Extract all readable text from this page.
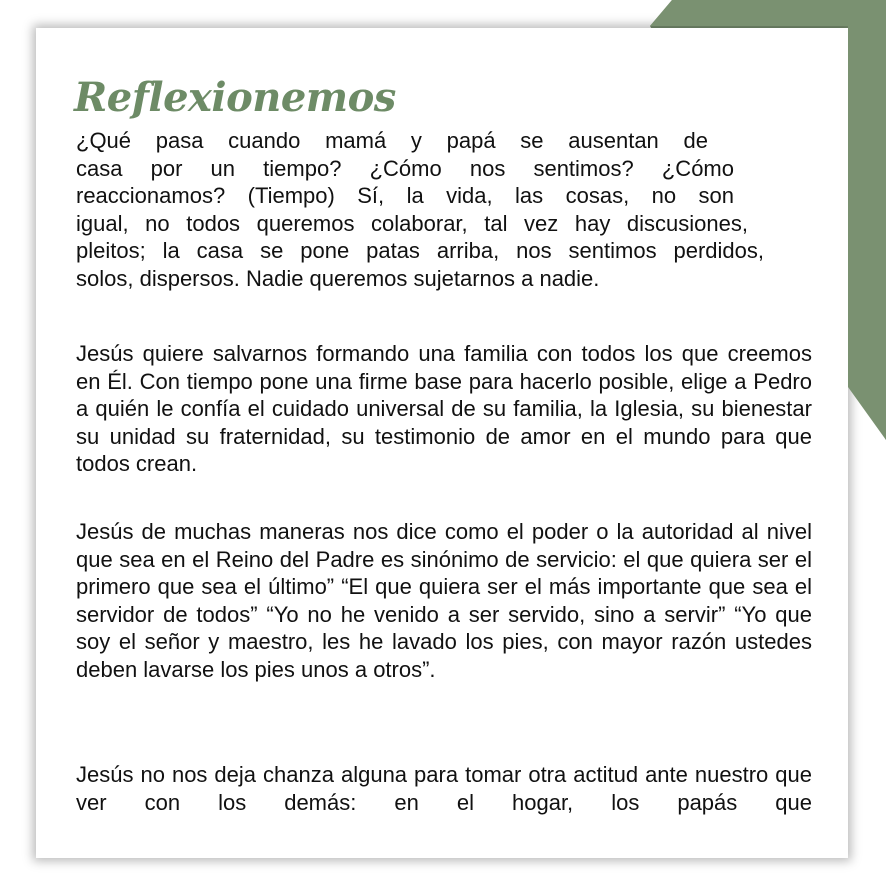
Reflexionemos
¿Qué pasa cuando mamá y papá se ausentan de
casa por un tiempo? ¿Cómo nos sentimos? ¿Cómo
reaccionamos? (Tiempo) Sí, la vida, las cosas, no son
igual, no todos queremos colaborar, tal vez hay discusiones,
pleitos; la casa se pone patas arriba, nos sentimos perdidos,
solos, dispersos. Nadie queremos sujetarnos a nadie.

Jesús quiere salvarnos formando una familia con todos los que creemos en Él. Con tiempo pone una firme base para hacerlo posible, elige a Pedro a quién le confía el cuidado universal de su familia, la Iglesia, su bienestar su unidad su fraternidad, su testimonio de amor en el mundo para que todos crean.

Jesús de muchas maneras nos dice como el poder o la autoridad al nivel que sea en el Reino del Padre es sinónimo de servicio: el que quiera ser el primero que sea el último” “El que quiera ser el más importante que sea el servidor de todos” “Yo no he venido a ser servido, sino a servir” “Yo que soy el señor y maestro, les he lavado los pies, con mayor razón ustedes deben lavarse los pies unos a otros”.

Jesús no nos deja chanza alguna para tomar otra actitud ante nuestro que ver con los demás: en el hogar, los papás que
